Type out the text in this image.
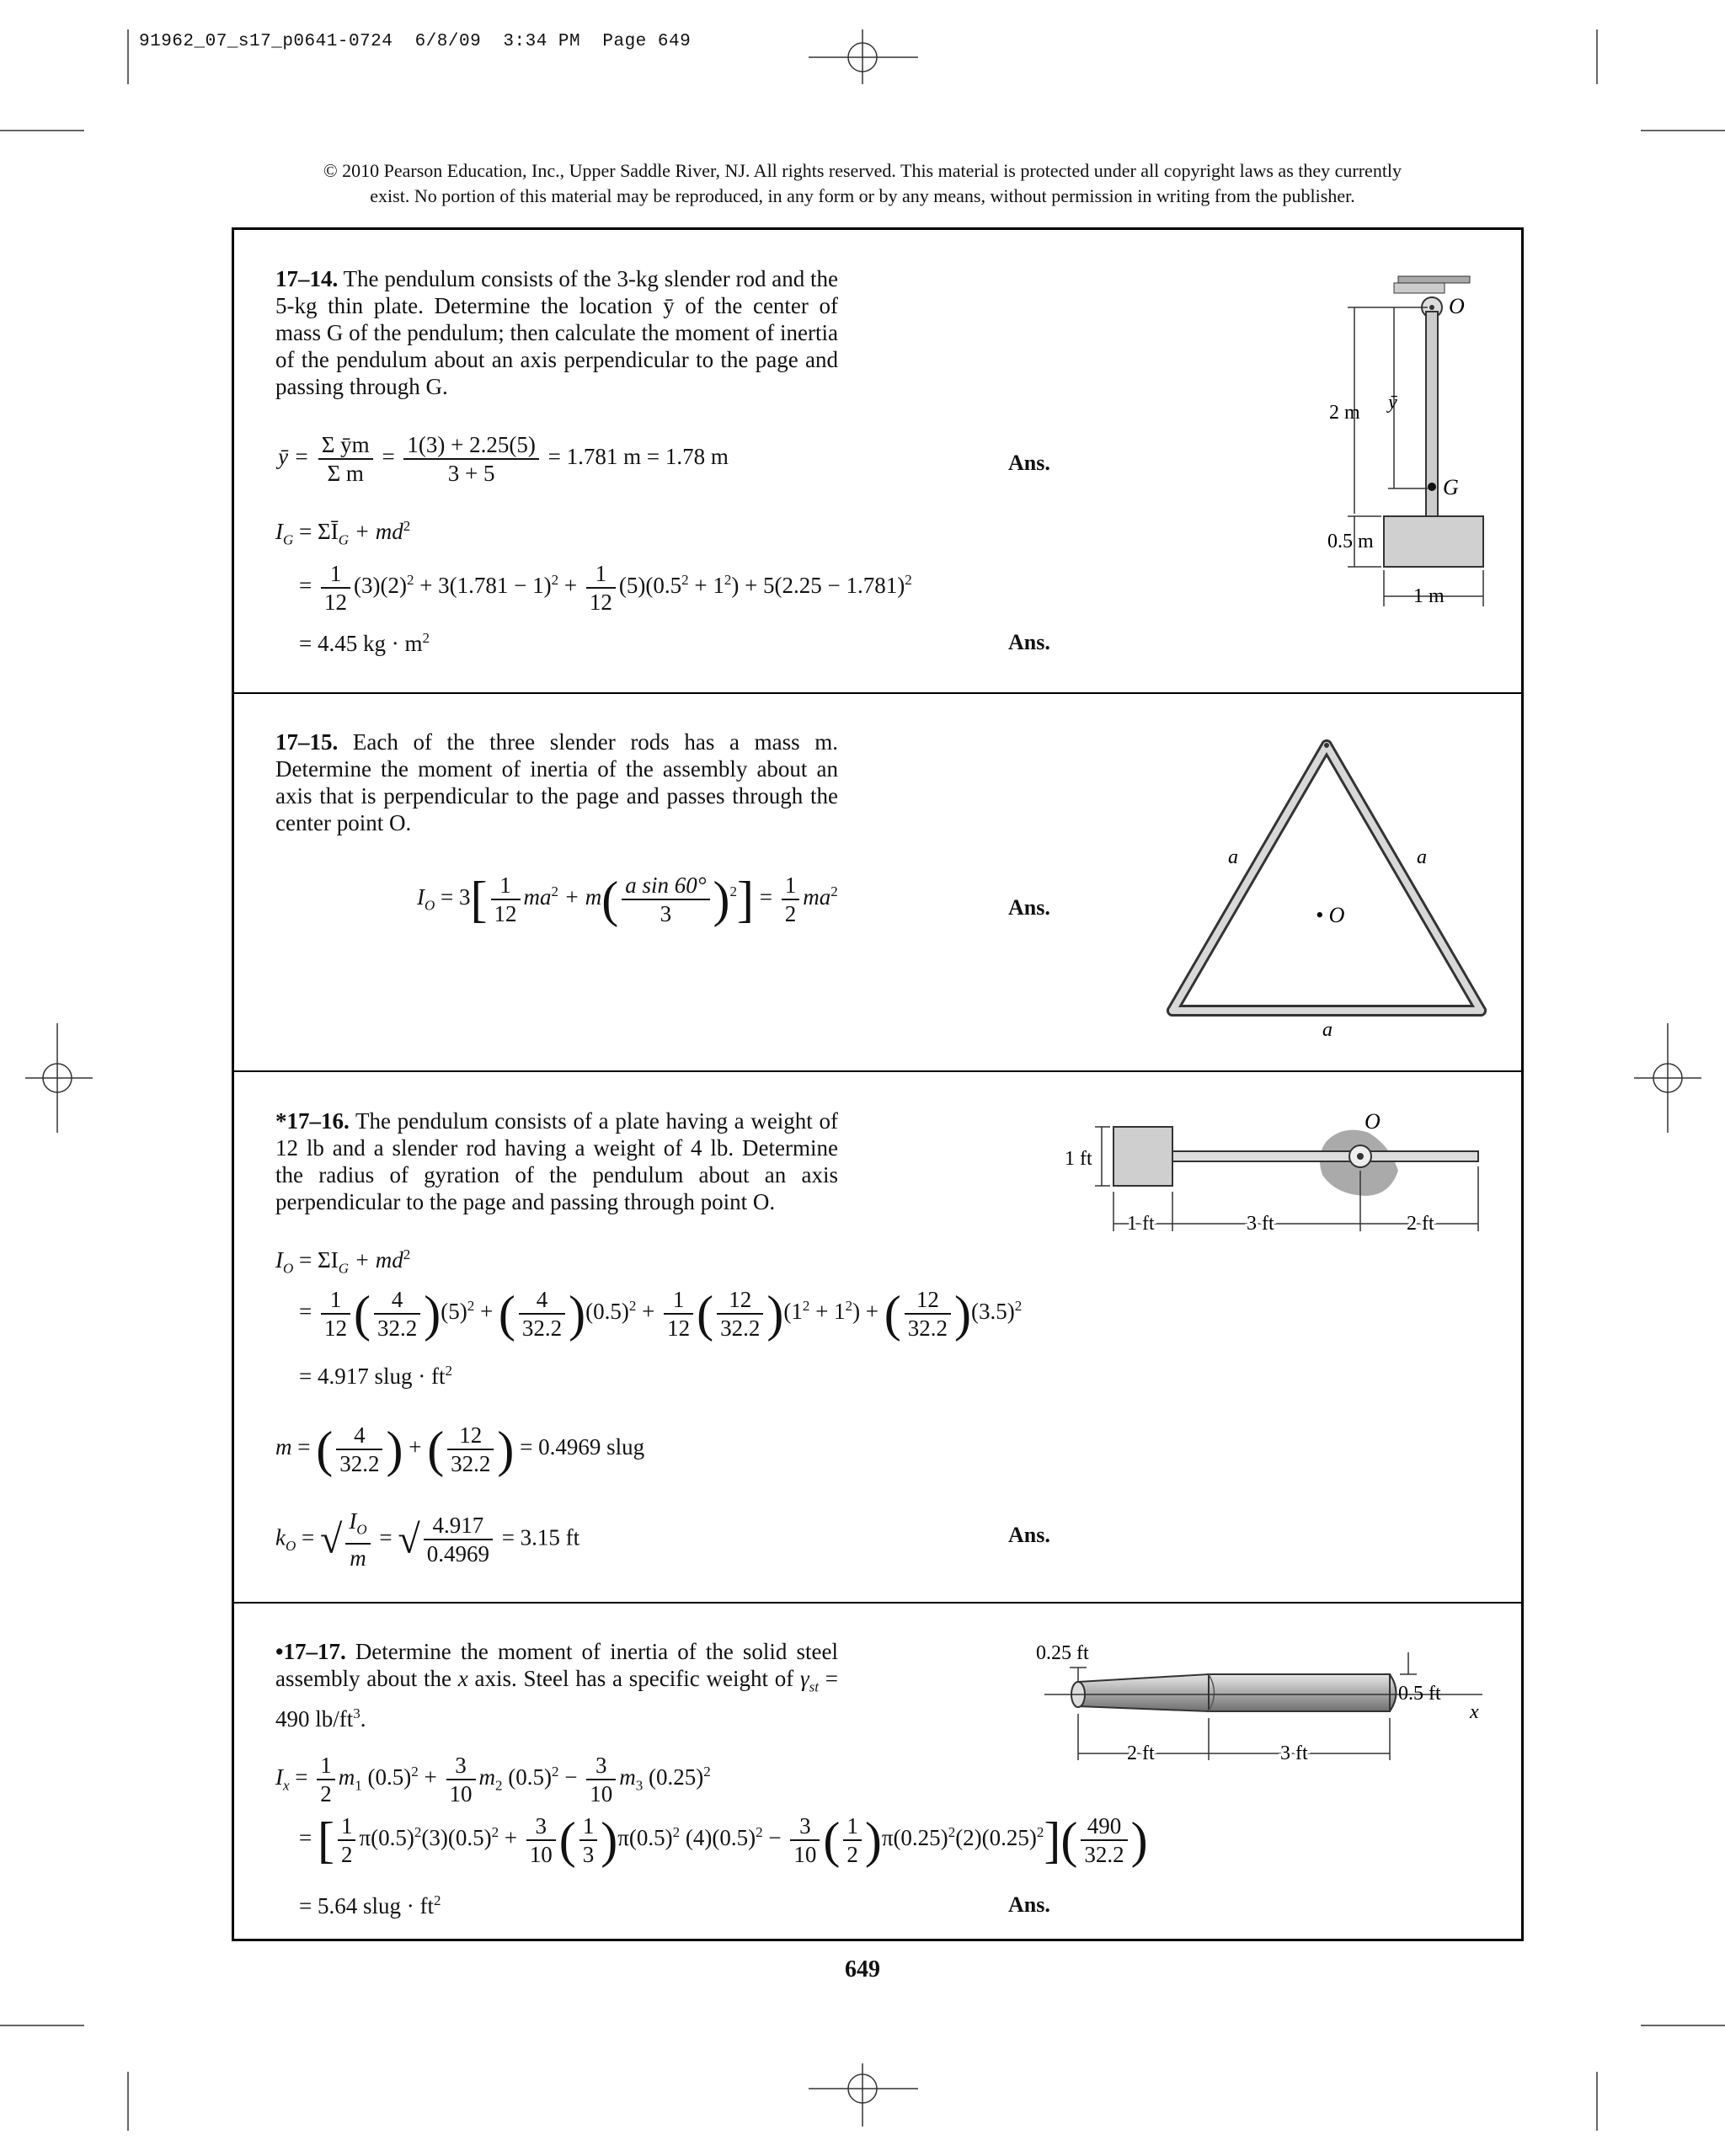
91962_07_s17_p0641-0724 6/8/09 3:34 PM Page 649
© 2010 Pearson Education, Inc., Upper Saddle River, NJ. All rights reserved. This material is protected under all copyright laws as they currently
exist. No portion of this material may be reproduced, in any form or by any means, without permission in writing from the publisher.
17–14. The pendulum consists of the 3-kg slender rod and the 5-kg thin plate. Determine the location ȳ of the center of mass G of the pendulum; then calculate the moment of inertia of the pendulum about an axis perpendicular to the page and passing through G.
ȳ = $\frac{\text{Σ ȳm}}{\text{Σ m}} = \frac{1(3) + 2.25(5)}{3 + 5} = 1.781$ m = 1.78 m	Ans.
$I_G$ = $\Sigma Ī_G + md^2$
= $\frac{1}{12} (3)(2)^2 + 3(1.781 - 1)^2 + \frac{1}{12} (5)(0.5^2 + 1^2) + 5(2.25 - 1.781)^2$
= 4.45 kg · $m^2$	Ans.
O
ȳ
2 m
G
0.5 m
1 m
17–15. Each of the three slender rods has a mass m. Determine the moment of inertia of the assembly about an axis that is perpendicular to the page and passes through the center point O.
$I_O = 3[ \frac{1}{12} ma^2 + m( \frac{\text{a sin 60°}}{3} )^2] = \frac{1}{2} ma^2$
Ans.
a	a
a
• O
*17–16. The pendulum consists of a plate having a weight of 12 lb and a slender rod having a weight of 4 lb. Determine the radius of gyration of the pendulum about an axis perpendicular to the page and passing through point O.
$I_O = \Sigma I_G + md^2$
= $\frac{1}{12}$ ( $\frac{4}{32.2} )(5)^2$ + ( $\frac{4}{32.2} )(0.5)^2 + \frac{1}{12}$ ( $\frac{12}{32.2} )(1^2 + 1^2)$ + ( $\frac{12}{32.2} )(3.5)^2$
= 4.917 slug · $ft^2$
m = ( $\frac{4}{32.2}$ ) + ( $\frac{12}{32.2}$ ) = 0.4969 slug
$k_O$ = √ $\frac{I_O}{m}$ = √ $\frac{4.917}{0.4969} = 3.15$ ft	Ans.
1 ft
O
1 ft	3 ft	2 ft
•17–17. Determine the moment of inertia of the solid steel assembly about the x axis. Steel has a specific weight of $\gamma_{st} = 490$ $lb/ft^3$.
$I_x = \frac{1}{2} m_1$ $(0.5)^2 + \frac{3}{10} m_2$ $(0.5)^2 - \frac{3}{10} m_3$ $(0.25)^2$
= [ $\frac{1}{2} \pi(0.5)^2(3)(0.5)^2 + \frac{3}{10}$ ( $\frac{1}{3} )\pi(0.5)^2$ $(4)(0.5)^2 - \frac{3}{10}$ ( $\frac{1}{2} )\pi(0.25)^2(2)(0.25)^2]( \frac{490}{32.2}$ )
= 5.64 slug · $ft^2$	Ans.
0.25 ft
0.5 ft
x
2 ft	3 ft
649
